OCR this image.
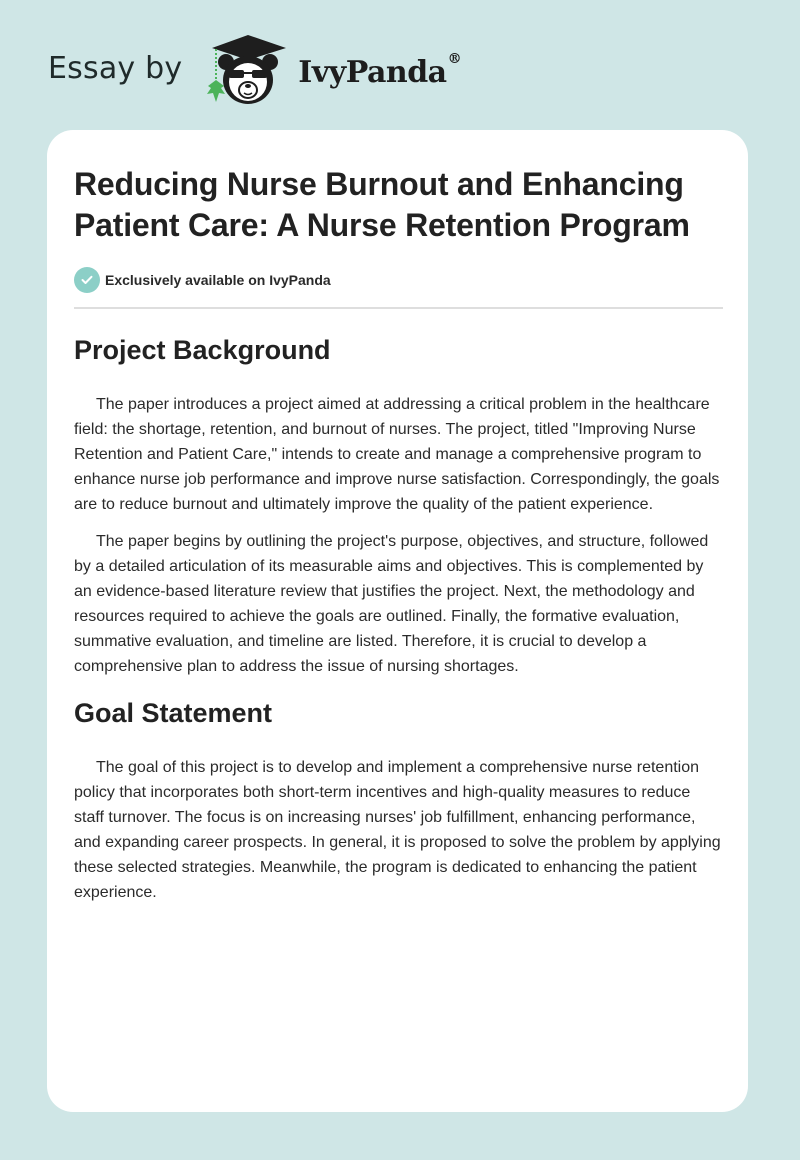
Essay by	IvyPanda®
Reducing Nurse Burnout and Enhancing Patient Care: A Nurse Retention Program
Exclusively available on IvyPanda
Project Background

The paper introduces a project aimed at addressing a critical problem in the healthcare field: the shortage, retention, and burnout of nurses. The project, titled "Improving Nurse Retention and Patient Care," intends to create and manage a comprehensive program to enhance nurse job performance and improve nurse satisfaction. Correspondingly, the goals are to reduce burnout and ultimately improve the quality of the patient experience.

The paper begins by outlining the project's purpose, objectives, and structure, followed by a detailed articulation of its measurable aims and objectives. This is complemented by an evidence-based literature review that justifies the project. Next, the methodology and resources required to achieve the goals are outlined. Finally, the formative evaluation, summative evaluation, and timeline are listed. Therefore, it is crucial to develop a comprehensive plan to address the issue of nursing shortages.

Goal Statement

The goal of this project is to develop and implement a comprehensive nurse retention policy that incorporates both short-term incentives and high-quality measures to reduce staff turnover. The focus is on increasing nurses' job fulfillment, enhancing performance, and expanding career prospects. In general, it is proposed to solve the problem by applying these selected strategies. Meanwhile, the program is dedicated to enhancing the patient experience.
